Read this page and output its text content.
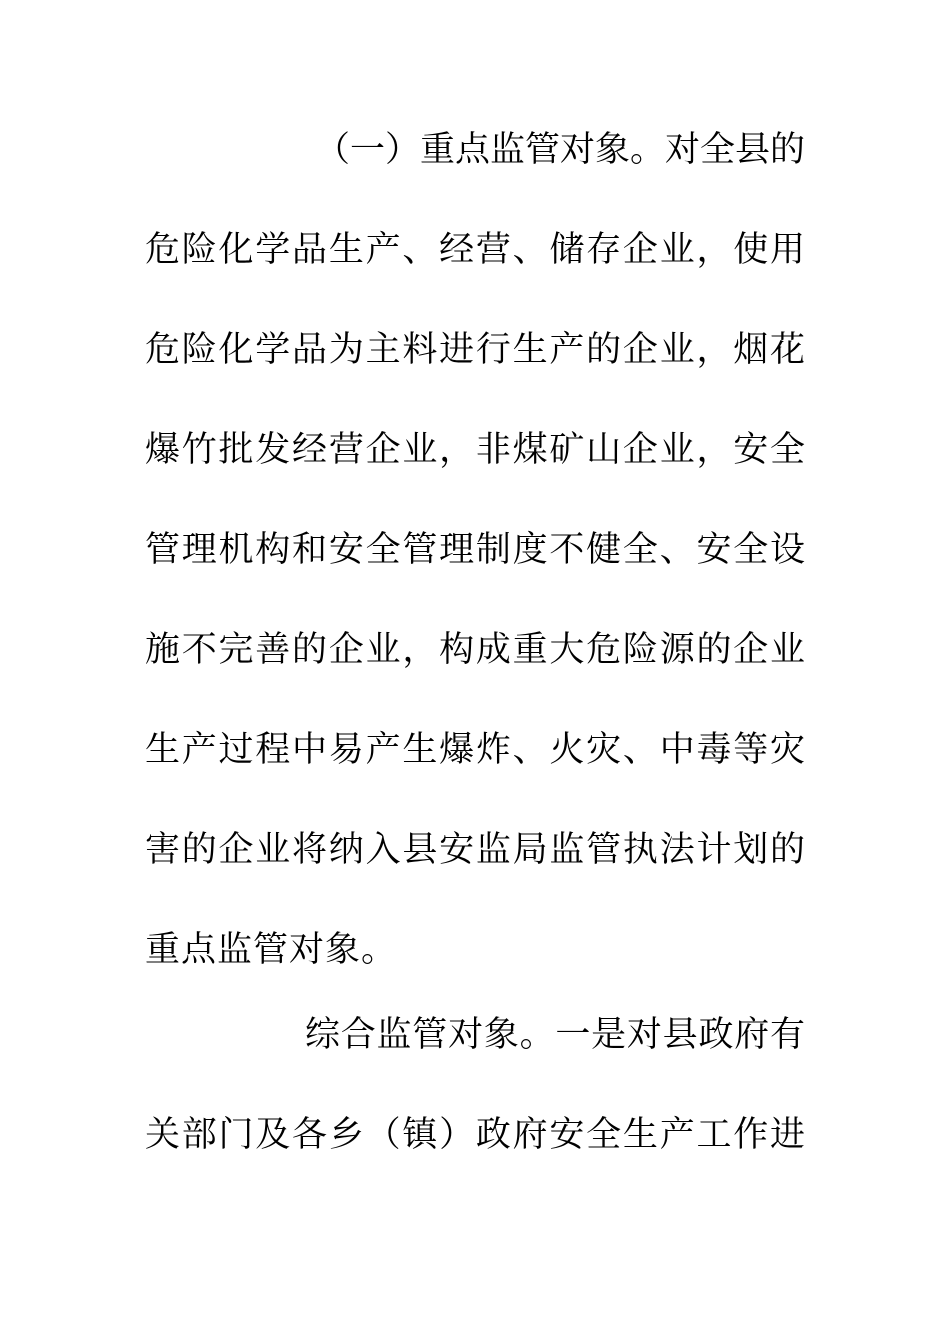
（一）重点监管对象。对全县的
危险化学品生产、经营、储存企业，使用
危险化学品为主料进行生产的企业，烟花
爆竹批发经营企业，非煤矿山企业，安全
管理机构和安全管理制度不健全、安全设
施不完善的企业，构成重大危险源的企业
生产过程中易产生爆炸、火灾、中毒等灾
害的企业将纳入县安监局监管执法计划的
重点监管对象。
综合监管对象。一是对县政府有
关部门及各乡（镇）政府安全生产工作进
